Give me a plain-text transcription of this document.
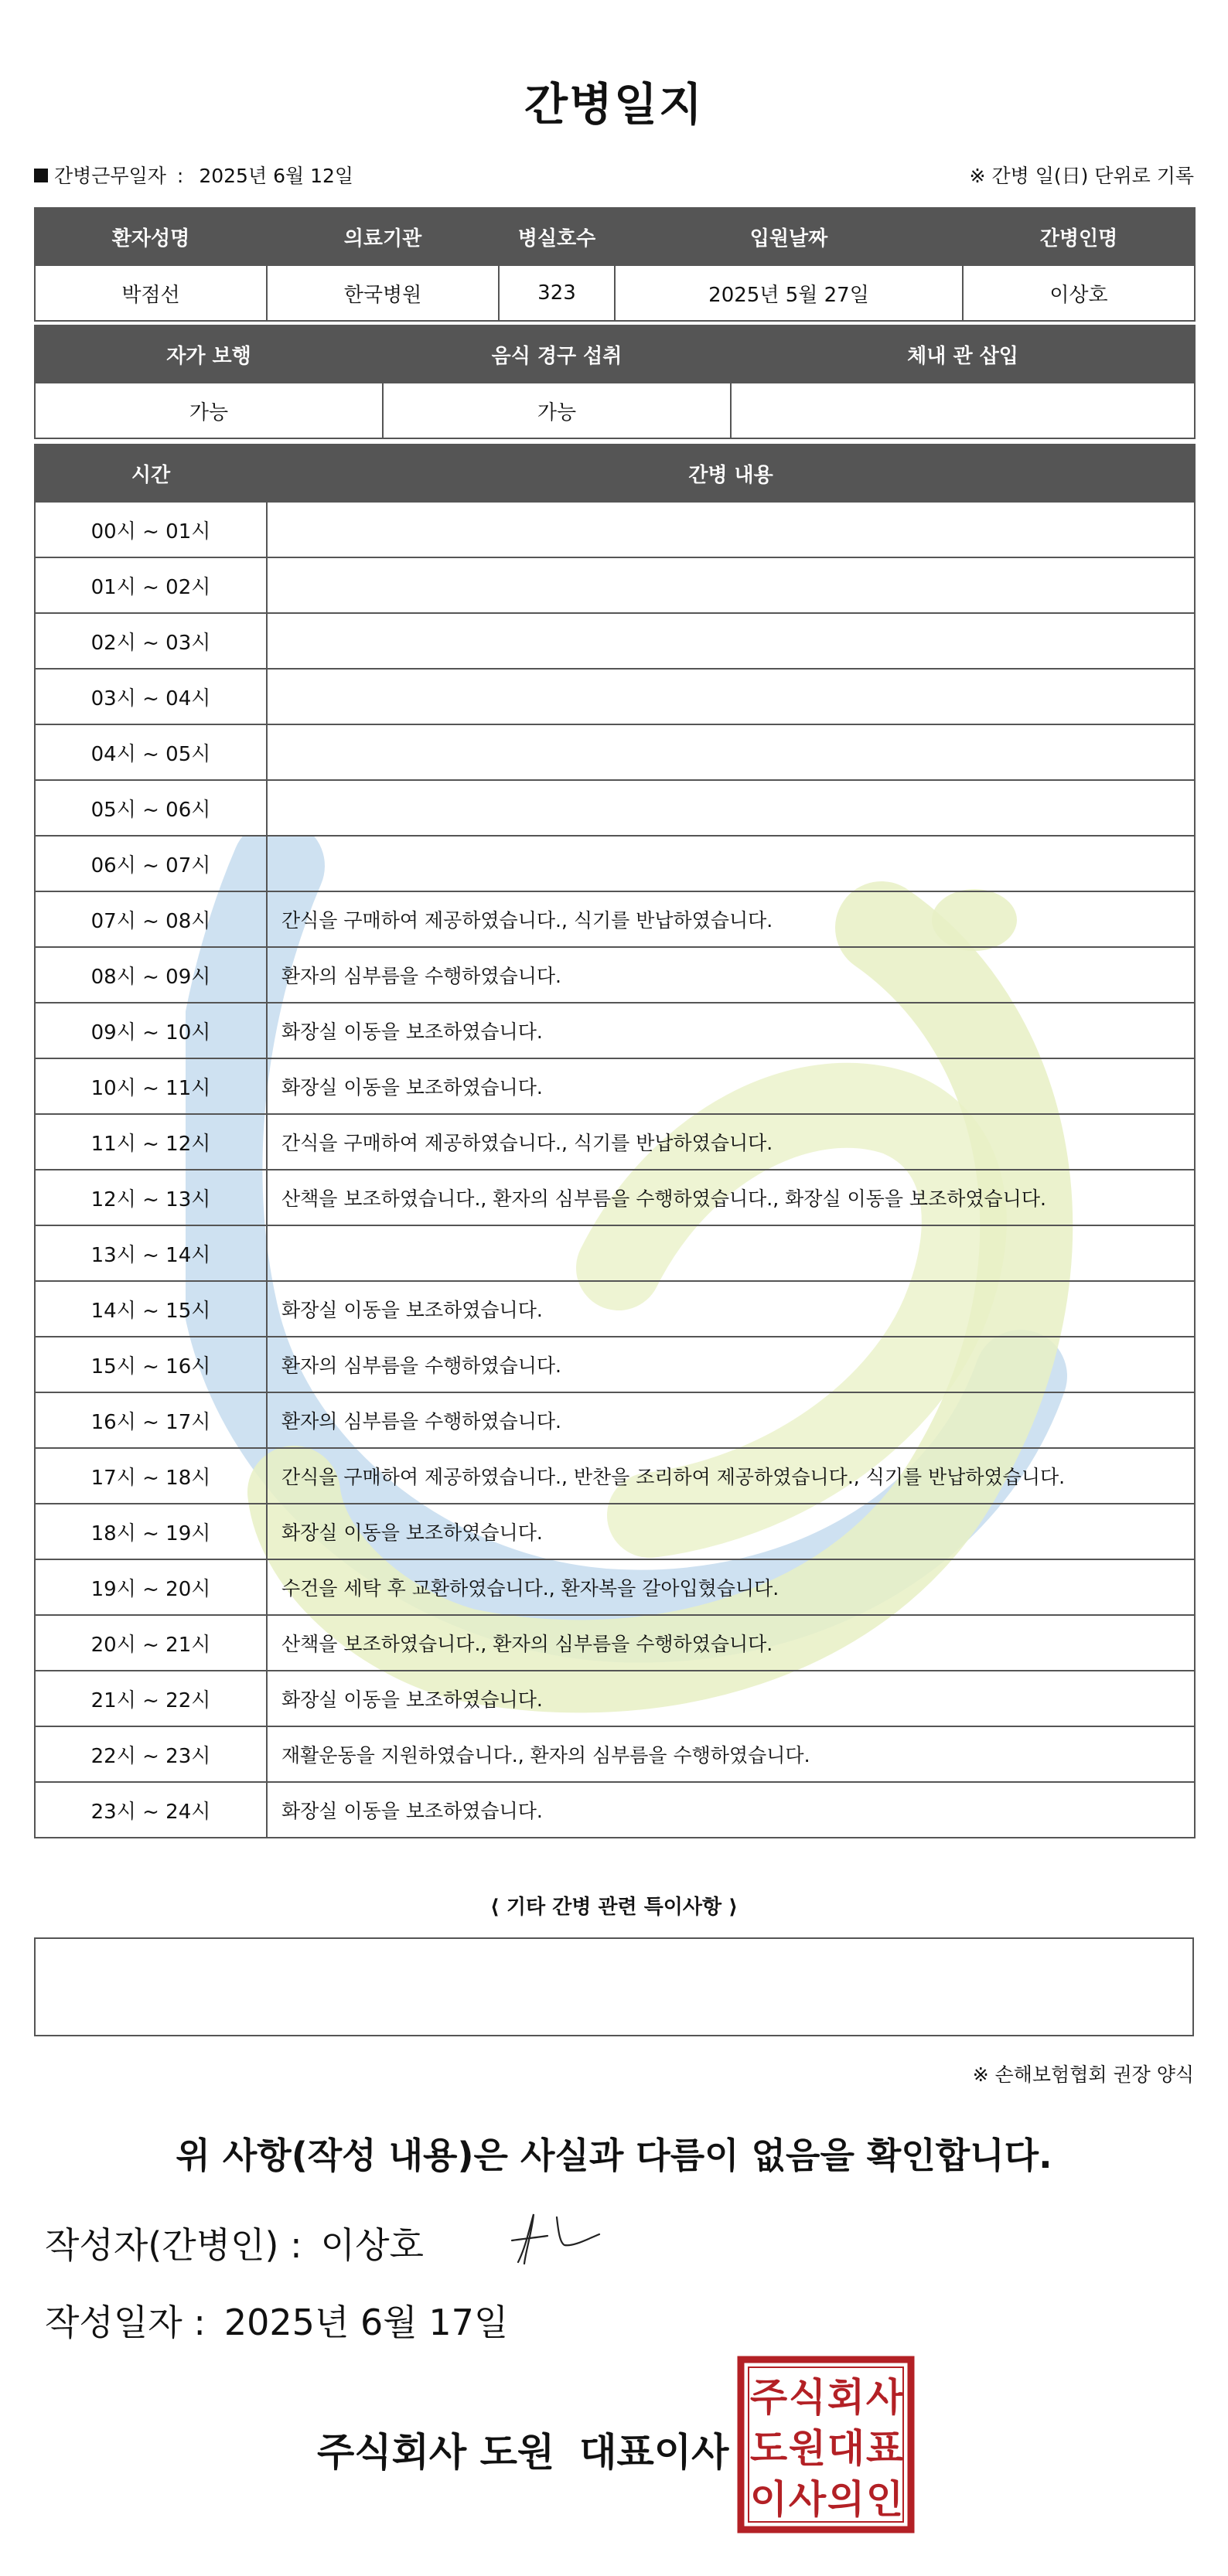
간병일지
간병근무일자 : 2025년 6월 12일	※ 간병 일(日) 단위로 기록
환자성명	의료기관	병실호수	입원날짜	간병인명
박점선	한국병원	323	2025년 5월 27일	이상호
자가 보행	음식 경구 섭취	체내 관 삽입
가능	가능	
시간	간병 내용
00시 ~ 01시	
01시 ~ 02시	
02시 ~ 03시	
03시 ~ 04시	
04시 ~ 05시	
05시 ~ 06시	
06시 ~ 07시	
07시 ~ 08시	간식을 구매하여 제공하였습니다., 식기를 반납하였습니다.
08시 ~ 09시	환자의 심부름을 수행하였습니다.
09시 ~ 10시	화장실 이동을 보조하였습니다.
10시 ~ 11시	화장실 이동을 보조하였습니다.
11시 ~ 12시	간식을 구매하여 제공하였습니다., 식기를 반납하였습니다.
12시 ~ 13시	산책을 보조하였습니다., 환자의 심부름을 수행하였습니다., 화장실 이동을 보조하였습니다.
13시 ~ 14시	
14시 ~ 15시	화장실 이동을 보조하였습니다.
15시 ~ 16시	환자의 심부름을 수행하였습니다.
16시 ~ 17시	환자의 심부름을 수행하였습니다.
17시 ~ 18시	간식을 구매하여 제공하였습니다., 반찬을 조리하여 제공하였습니다., 식기를 반납하였습니다.
18시 ~ 19시	화장실 이동을 보조하였습니다.
19시 ~ 20시	수건을 세탁 후 교환하였습니다., 환자복을 갈아입혔습니다.
20시 ~ 21시	산책을 보조하였습니다., 환자의 심부름을 수행하였습니다.
21시 ~ 22시	화장실 이동을 보조하였습니다.
22시 ~ 23시	재활운동을 지원하였습니다., 환자의 심부름을 수행하였습니다.
23시 ~ 24시	화장실 이동을 보조하였습니다.
⟨ 기타 간병 관련 특이사항 ⟩
※ 손해보험협회 권장 양식
위 사항(작성 내용)은 사실과 다름이 없음을 확인합니다.
작성자(간병인) : 이상호
작성일자 : 2025년 6월 17일
주식회사 도원 대표이사
주 식 회 사
도 원 대 표
이 사 의 인
